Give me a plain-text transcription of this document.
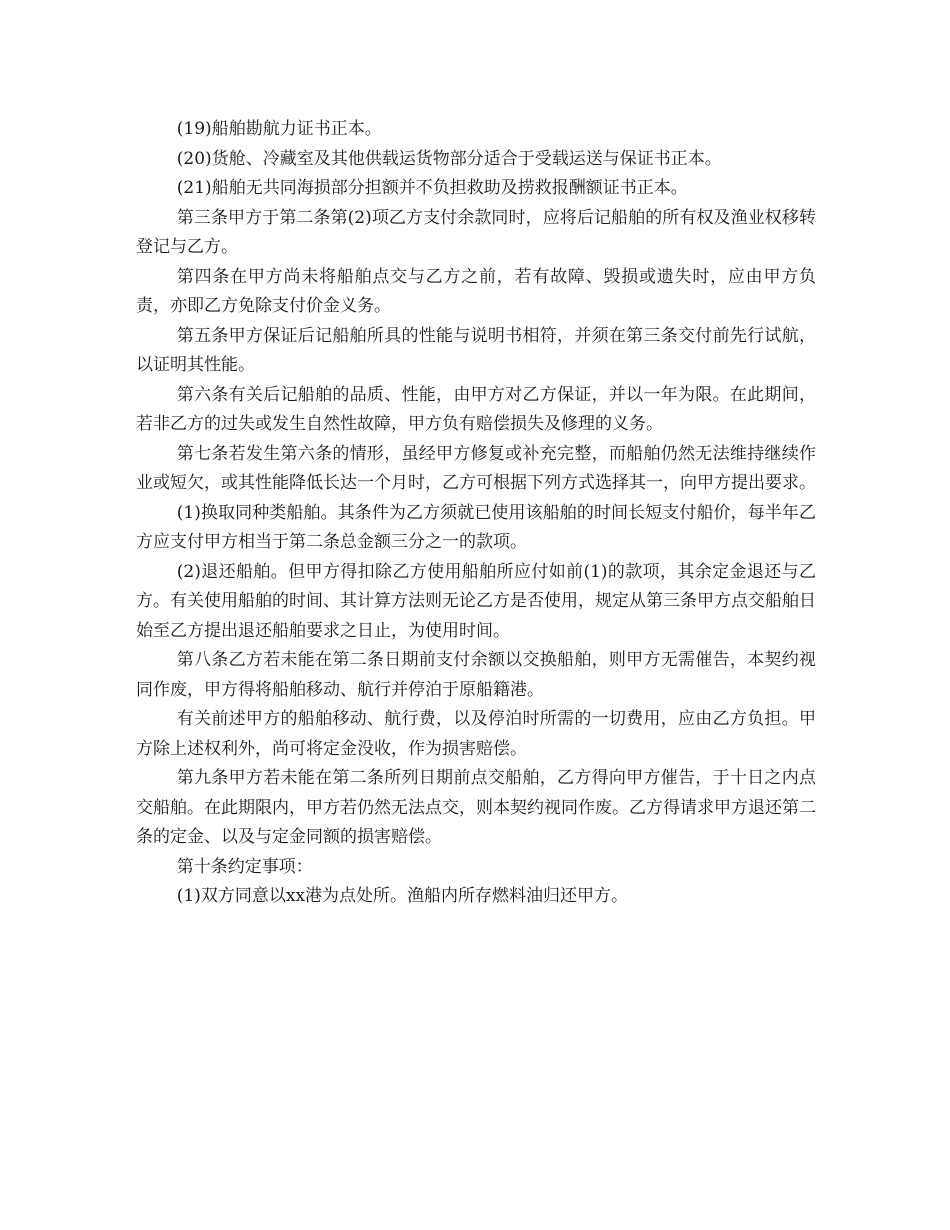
(19)船舶勘航力证书正本。

(20)货舱、冷藏室及其他供载运货物部分适合于受载运送与保证书正本。

(21)船舶无共同海损部分担额并不负担救助及捞救报酬额证书正本。

第三条甲方于第二条第(2)项乙方支付余款同时，应将后记船舶的所有权及渔业权移转登记与乙方。

第四条在甲方尚未将船舶点交与乙方之前，若有故障、毁损或遗失时，应由甲方负责，亦即乙方免除支付价金义务。

第五条甲方保证后记船舶所具的性能与说明书相符，并须在第三条交付前先行试航，以证明其性能。

第六条有关后记船舶的品质、性能，由甲方对乙方保证，并以一年为限。在此期间，若非乙方的过失或发生自然性故障，甲方负有赔偿损失及修理的义务。

第七条若发生第六条的情形，虽经甲方修复或补充完整，而船舶仍然无法维持继续作业或短欠，或其性能降低长达一个月时，乙方可根据下列方式选择其一，向甲方提出要求。

(1)换取同种类船舶。其条件为乙方须就已使用该船舶的时间长短支付船价，每半年乙方应支付甲方相当于第二条总金额三分之一的款项。

(2)退还船舶。但甲方得扣除乙方使用船舶所应付如前(1)的款项，其余定金退还与乙方。有关使用船舶的时间、其计算方法则无论乙方是否使用，规定从第三条甲方点交船舶日始至乙方提出退还船舶要求之日止，为使用时间。

第八条乙方若未能在第二条日期前支付余额以交换船舶，则甲方无需催告，本契约视同作废，甲方得将船舶移动、航行并停泊于原船籍港。

有关前述甲方的船舶移动、航行费，以及停泊时所需的一切费用，应由乙方负担。甲方除上述权利外，尚可将定金没收，作为损害赔偿。

第九条甲方若未能在第二条所列日期前点交船舶，乙方得向甲方催告，于十日之内点交船舶。在此期限内，甲方若仍然无法点交，则本契约视同作废。乙方得请求甲方退还第二条的定金、以及与定金同额的损害赔偿。

第十条约定事项：

(1)双方同意以xx港为点处所。渔船内所存燃料油归还甲方。
